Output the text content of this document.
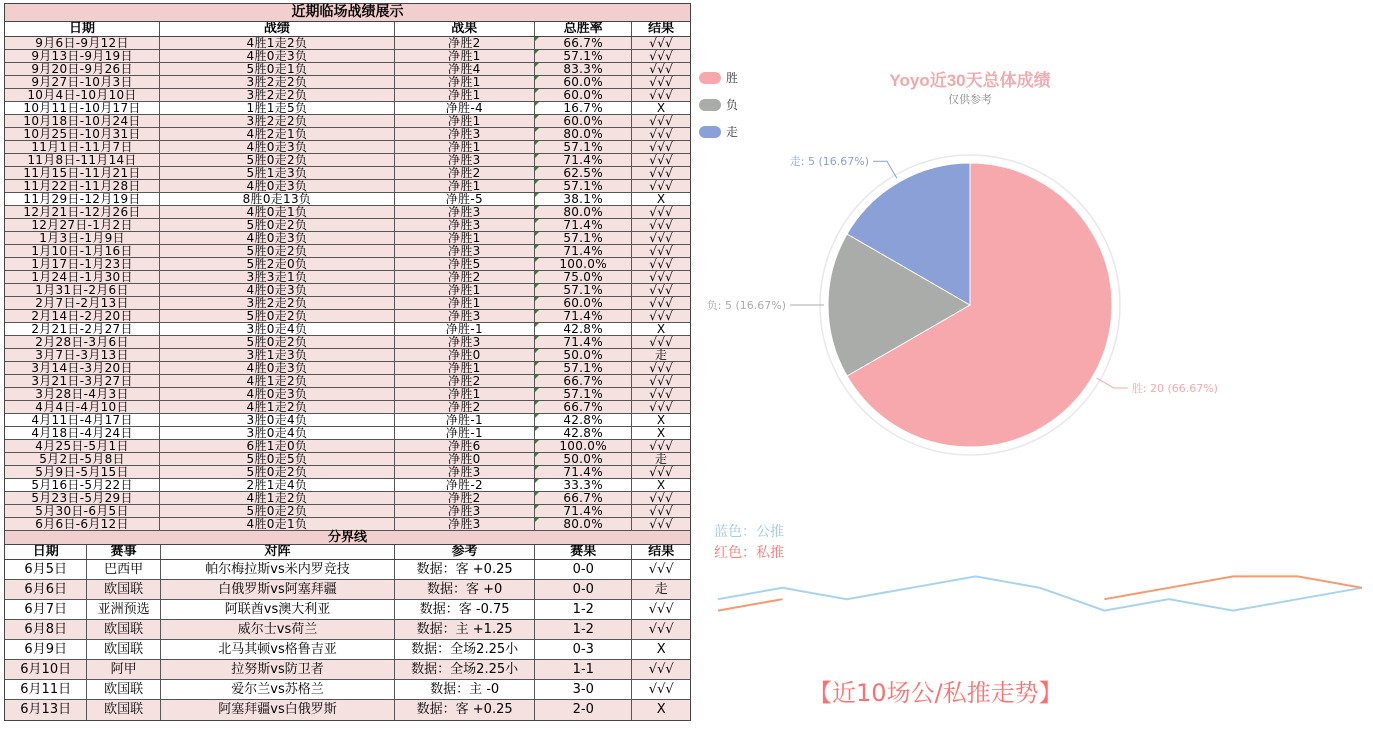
近期临场战绩展示
日期	战绩	战果	总胜率	结果
9月6日-9月12日	4胜1走2负	净胜2	66.7%	√√√
9月13日-9月19日	4胜0走3负	净胜1	57.1%	√√√
9月20日-9月26日	5胜0走1负	净胜4	83.3%	√√√
9月27日-10月3日	3胜2走2负	净胜1	60.0%	√√√
10月4日-10月10日	3胜2走2负	净胜1	60.0%	√√√
10月11日-10月17日	1胜1走5负	净胜-4	16.7%	X
10月18日-10月24日	3胜2走2负	净胜1	60.0%	√√√
10月25日-10月31日	4胜2走1负	净胜3	80.0%	√√√
11月1日-11月7日	4胜0走3负	净胜1	57.1%	√√√
11月8日-11月14日	5胜0走2负	净胜3	71.4%	√√√
11月15日-11月21日	5胜1走3负	净胜2	62.5%	√√√
11月22日-11月28日	4胜0走3负	净胜1	57.1%	√√√
11月29日-12月19日	8胜0走13负	净胜-5	38.1%	X
12月21日-12月26日	4胜0走1负	净胜3	80.0%	√√√
12月27日-1月2日	5胜0走2负	净胜3	71.4%	√√√
1月3日-1月9日	4胜0走3负	净胜1	57.1%	√√√
1月10日-1月16日	5胜0走2负	净胜3	71.4%	√√√
1月17日-1月23日	5胜2走0负	净胜5	100.0%	√√√
1月24日-1月30日	3胜3走1负	净胜2	75.0%	√√√
1月31日-2月6日	4胜0走3负	净胜1	57.1%	√√√
2月7日-2月13日	3胜2走2负	净胜1	60.0%	√√√
2月14日-2月20日	5胜0走2负	净胜3	71.4%	√√√
2月21日-2月27日	3胜0走4负	净胜-1	42.8%	X
2月28日-3月6日	5胜0走2负	净胜3	71.4%	√√√
3月7日-3月13日	3胜1走3负	净胜0	50.0%	走
3月14日-3月20日	4胜0走3负	净胜1	57.1%	√√√
3月21日-3月27日	4胜1走2负	净胜2	66.7%	√√√
3月28日-4月3日	4胜0走3负	净胜1	57.1%	√√√
4月4日-4月10日	4胜1走2负	净胜2	66.7%	√√√
4月11日-4月17日	3胜0走4负	净胜-1	42.8%	X
4月18日-4月24日	3胜0走4负	净胜-1	42.8%	X
4月25日-5月1日	6胜1走0负	净胜6	100.0%	√√√
5月2日-5月8日	5胜0走5负	净胜0	50.0%	走
5月9日-5月15日	5胜0走2负	净胜3	71.4%	√√√
5月16日-5月22日	2胜1走4负	净胜-2	33.3%	X
5月23日-5月29日	4胜1走2负	净胜2	66.7%	√√√
5月30日-6月5日	5胜0走2负	净胜3	71.4%	√√√
6月6日-6月12日	4胜0走1负	净胜3	80.0%	√√√
分界线
日期	赛事	对阵	参考	赛果	结果
6月5日	巴西甲	帕尔梅拉斯vs米内罗竞技	数据：客 +0.25	0-0	√√√
6月6日	欧国联	白俄罗斯vs阿塞拜疆	数据：客 +0	0-0	走
6月7日	亚洲预选	阿联酋vs澳大利亚	数据：客 -0.75	1-2	√√√
6月8日	欧国联	威尔士vs荷兰	数据：主 +1.25	1-2	√√√
6月9日	欧国联	北马其顿vs格鲁吉亚	数据：全场2.25小	0-3	X
6月10日	阿甲	拉努斯vs防卫者	数据：全场2.25小	1-1	√√√
6月11日	欧国联	爱尔兰vs苏格兰	数据：主 -0	3-0	√√√
6月13日	欧国联	阿塞拜疆vs白俄罗斯	数据：客 +0.25	2-0	X
胜
负
走
Yoyo近30天总体成绩
仅供参考
胜: 20 (66.67%)
负: 5 (16.67%)
走: 5 (16.67%)
蓝色：公推
红色：私推
【近10场公/私推走势】
